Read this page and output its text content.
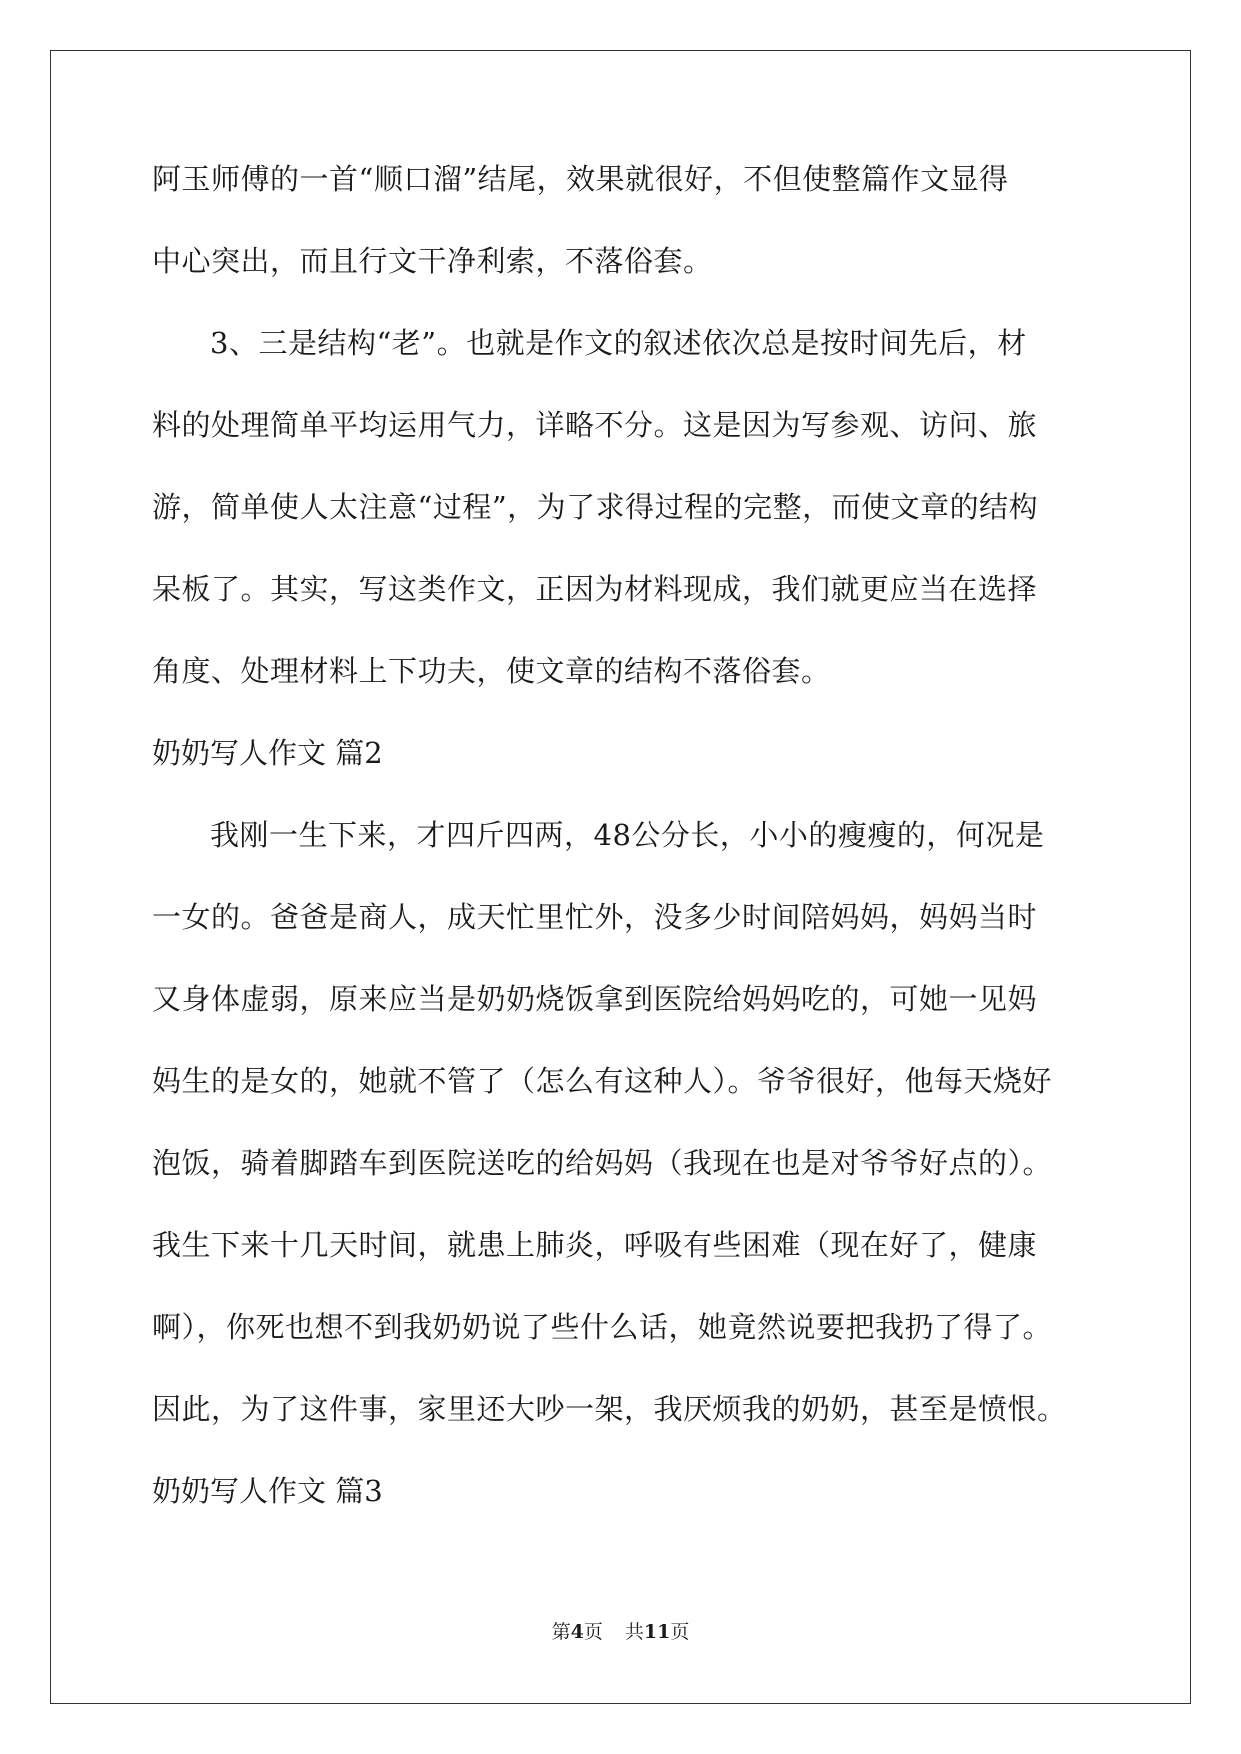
阿玉师傅的一首“顺口溜”结尾，效果就很好，不但使整篇作文显得

中心突出，而且行文干净利索，不落俗套。

3、三是结构“老”。也就是作文的叙述依次总是按时间先后，材

料的处理简单平均运用气力，详略不分。这是因为写参观、访问、旅

游，简单使人太注意“过程”，为了求得过程的完整，而使文章的结构

呆板了。其实，写这类作文，正因为材料现成，我们就更应当在选择

角度、处理材料上下功夫，使文章的结构不落俗套。

奶奶写人作文 篇2

我刚一生下来，才四斤四两，48公分长，小小的瘦瘦的，何况是

一女的。爸爸是商人，成天忙里忙外，没多少时间陪妈妈，妈妈当时

又身体虚弱，原来应当是奶奶烧饭拿到医院给妈妈吃的，可她一见妈

妈生的是女的，她就不管了（怎么有这种人）。爷爷很好，他每天烧好

泡饭，骑着脚踏车到医院送吃的给妈妈（我现在也是对爷爷好点的）。

我生下来十几天时间，就患上肺炎，呼吸有些困难（现在好了，健康

啊），你死也想不到我奶奶说了些什么话，她竟然说要把我扔了得了。

因此，为了这件事，家里还大吵一架，我厌烦我的奶奶，甚至是愤恨。

奶奶写人作文 篇3

第4页 共11页
